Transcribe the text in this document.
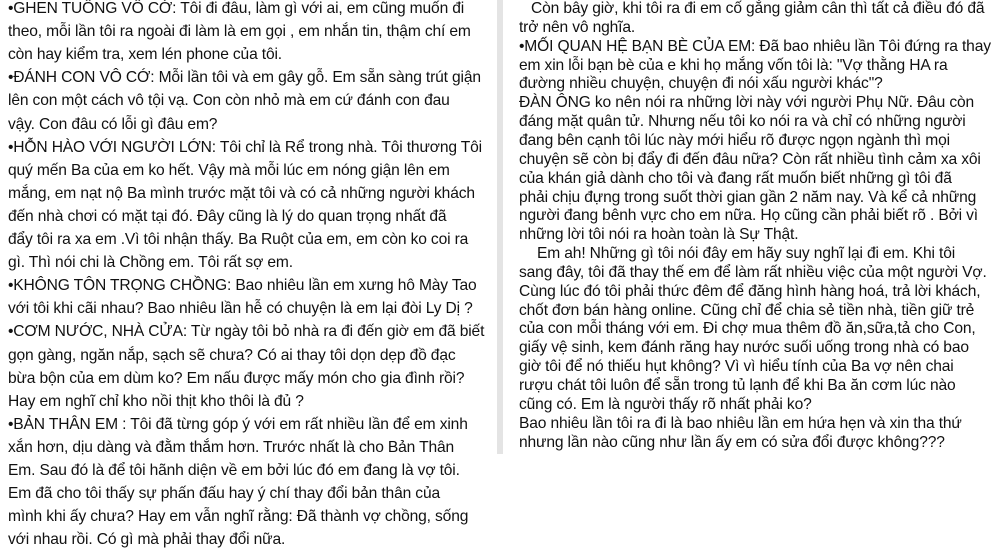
•GHEN TUÔNG VÔ CỚ: Tôi đi đâu, làm gì với ai, em cũng muốn đi
theo, mỗi lần tôi ra ngoài đi làm là em gọi , em nhắn tin, thậm chí em
còn hay kiểm tra, xem lén phone của tôi.
•ĐÁNH CON VÔ CỚ: Mỗi lần tôi và em gây gỗ. Em sẵn sàng trút giận
lên con một cách vô tội vạ. Con còn nhỏ mà em cứ đánh con đau
vậy. Con đâu có lỗi gì đâu em?
•HỖN HÀO VỚI NGƯỜI LỚN: Tôi chỉ là Rể trong nhà. Tôi thương Tôi
quý mến Ba của em ko hết. Vậy mà mỗi lúc em nóng giận lên em
mắng, em nạt nộ Ba mình trước mặt tôi và có cả những người khách
đến nhà chơi có mặt tại đó. Đây cũng là lý do quan trọng nhất đã
đẩy tôi ra xa em .Vì tôi nhận thấy. Ba Ruột của em, em còn ko coi ra
gì. Thì nói chi là Chồng em. Tôi rất sợ em.
•KHÔNG TÔN TRỌNG CHỒNG: Bao nhiêu lần em xưng hô Mày Tao
với tôi khi cãi nhau? Bao nhiêu lần hễ có chuyện là em lại đòi Ly Dị ?
•CƠM NƯỚC, NHÀ CỬA: Từ ngày tôi bỏ nhà ra đi đến giờ em đã biết
gọn gàng, ngăn nắp, sạch sẽ chưa? Có ai thay tôi dọn dẹp đồ đạc
bừa bộn của em dùm ko? Em nấu được mấy món cho gia đình rồi?
Hay em nghĩ chỉ kho nồi thịt kho thôi là đủ ?
•BẢN THÂN EM : Tôi đã từng góp ý với em rất nhiều lần để em xinh
xắn hơn, dịu dàng và đằm thắm hơn. Trước nhất là cho Bản Thân
Em. Sau đó là để tôi hãnh diện về em bởi lúc đó em đang là vợ tôi.
Em đã cho tôi thấy sự phấn đấu hay ý chí thay đổi bản thân của
mình khi ấy chưa? Hay em vẫn nghĩ rằng: Đã thành vợ chồng, sống
với nhau rồi. Có gì mà phải thay đổi nữa.
Còn bây giờ, khi tôi ra đi em cố gắng giảm cân thì tất cả điều đó đã
trở nên vô nghĩa.
•MỐI QUAN HỆ BẠN BÈ CỦA EM: Đã bao nhiêu lần Tôi đứng ra thay
em xin lỗi bạn bè của e khi họ mắng vốn tôi là: "Vợ thằng HA ra
đường nhiều chuyện, chuyện đi nói xấu người khác"?
ĐÀN ÔNG ko nên nói ra những lời này với người Phụ Nữ. Đâu còn
đáng mặt quân tử. Nhưng nếu tôi ko nói ra và chỉ có những người
đang bên cạnh tôi lúc này mới hiểu rõ được ngọn ngành thì mọi
chuyện sẽ còn bị đẩy đi đến đâu nữa? Còn rất nhiều tình cảm xa xôi
của khán giả dành cho tôi và đang rất muốn biết những gì tôi đã
phải chịu đựng trong suốt thời gian gần 2 năm nay. Và kể cả những
người đang bênh vực cho em nữa. Họ cũng cần phải biết rõ . Bởi vì
những lời tôi nói ra hoàn toàn là Sự Thật.
Em ah! Những gì tôi nói đây em hãy suy nghĩ lại đi em. Khi tôi
sang đây, tôi đã thay thế em để làm rất nhiều việc của một người Vợ.
Cùng lúc đó tôi phải thức đêm để đăng hình hàng hoá, trả lời khách,
chốt đơn bán hàng online. Cũng chỉ để chia sẻ tiền nhà, tiền giữ trẻ
của con mỗi tháng với em. Đi chợ mua thêm đồ ăn,sữa,tả cho Con,
giấy vệ sinh, kem đánh răng hay nước suối uống trong nhà có bao
giờ tôi để nó thiếu hụt không? Vì vì hiểu tính của Ba vợ nên chai
rượu chát tôi luôn để sẵn trong tủ lạnh để khi Ba ăn cơm lúc nào
cũng có. Em là người thấy rõ nhất phải ko?
Bao nhiêu lần tôi ra đi là bao nhiêu lần em hứa hẹn và xin tha thứ
nhưng lần nào cũng như lần ấy em có sửa đổi được không???
